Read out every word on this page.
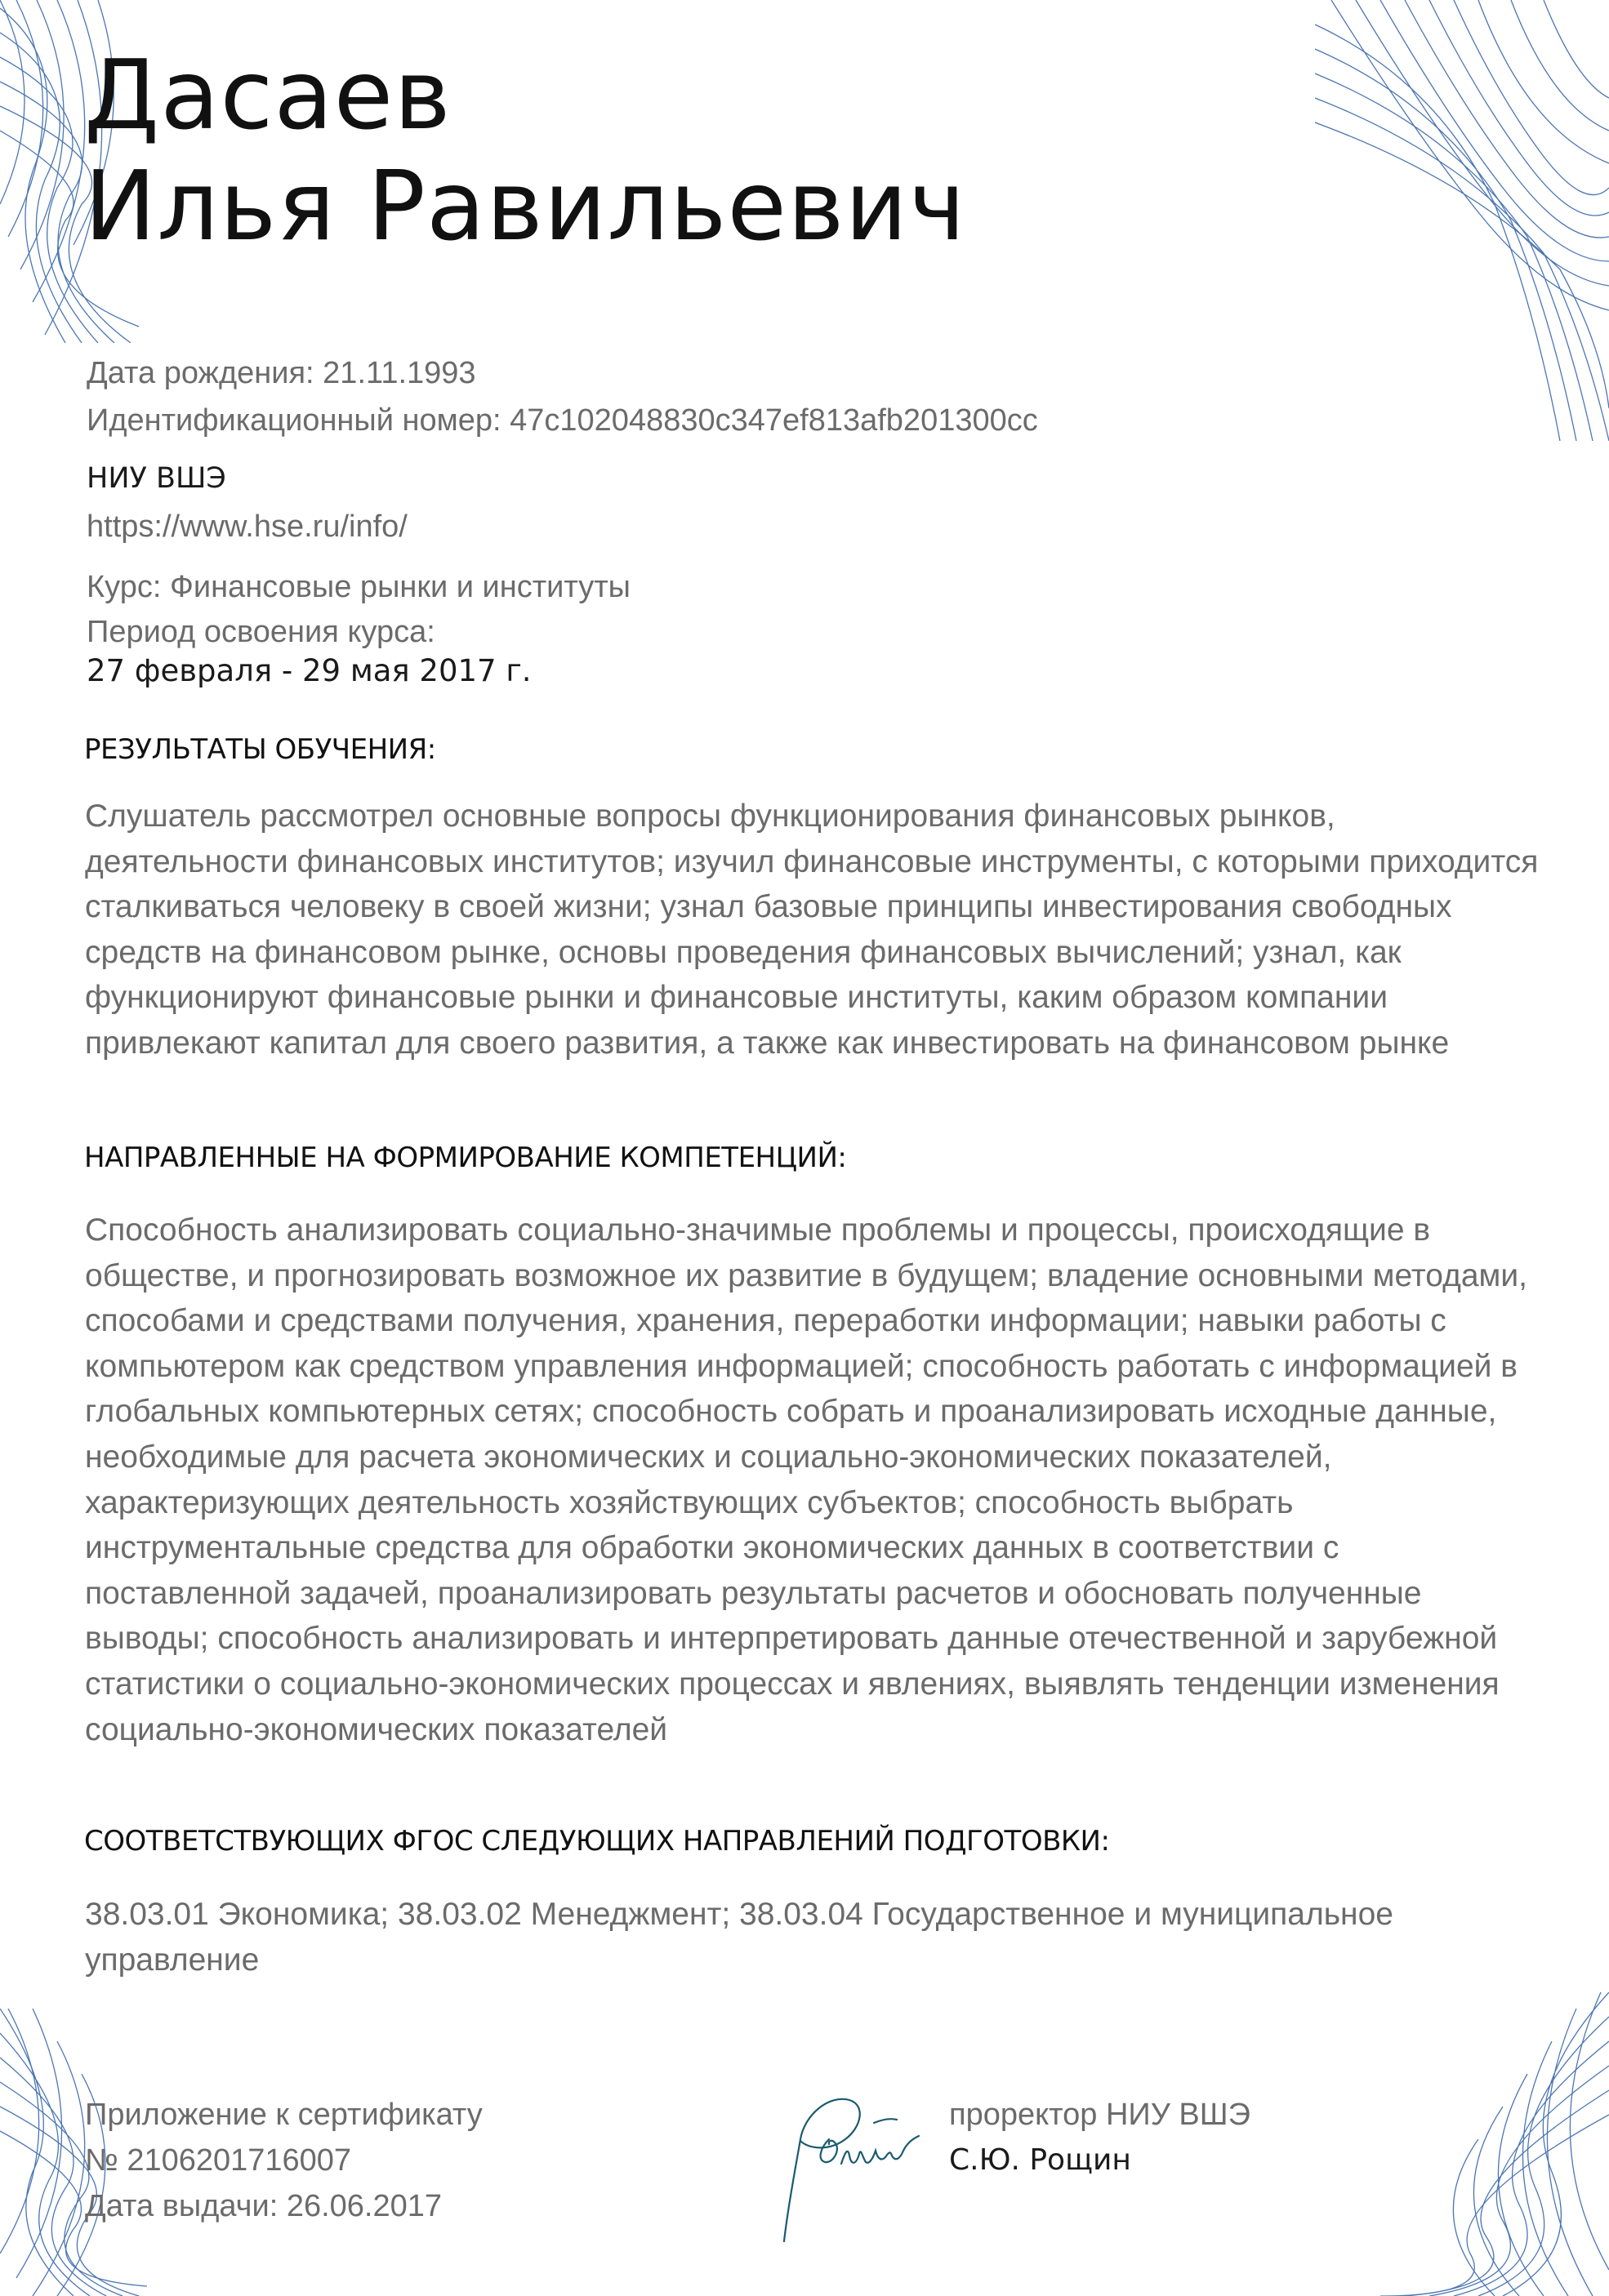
Дасаев
Илья Равильевич
Дата рождения: 21.11.1993
Идентификационный номер: 47c102048830c347ef813afb201300cc
НИУ ВШЭ
https://www.hse.ru/info/
Курс: Финансовые рынки и институты
Период освоения курса:
27 февраля - 29 мая 2017 г.
РЕЗУЛЬТАТЫ ОБУЧЕНИЯ:
Слушатель рассмотрел основные вопросы функционирования финансовых рынков, деятельности финансовых институтов; изучил финансовые инструменты, с которыми приходится сталкиваться человеку в своей жизни; узнал базовые принципы инвестирования свободных средств на финансовом рынке, основы проведения финансовых вычислений; узнал, как функционируют финансовые рынки и финансовые институты, каким образом компании привлекают капитал для своего развития, а также как инвестировать на финансовом рынке
НАПРАВЛЕННЫЕ НА ФОРМИРОВАНИЕ КОМПЕТЕНЦИЙ:
Способность анализировать социально-значимые проблемы и процессы, происходящие в обществе, и прогнозировать возможное их развитие в будущем; владение основными методами, способами и средствами получения, хранения, переработки информации; навыки работы с компьютером как средством управления информацией; способность работать с информацией в глобальных компьютерных сетях; способность собрать и проанализировать исходные данные, необходимые для расчета экономических и социально-экономических показателей, характеризующих деятельность хозяйствующих субъектов; способность выбрать инструментальные средства для обработки экономических данных в соответствии с поставленной задачей, проанализировать результаты расчетов и обосновать полученные выводы; способность анализировать и интерпретировать данные отечественной и зарубежной статистики о социально-экономических процессах и явлениях, выявлять тенденции изменения социально-экономических показателей
СООТВЕТСТВУЮЩИХ ФГОС СЛЕДУЮЩИХ НАПРАВЛЕНИЙ ПОДГОТОВКИ:
38.03.01 Экономика; 38.03.02 Менеджмент; 38.03.04 Государственное и муниципальное управление
Приложение к сертификату
№ 2106201716007
Дата выдачи: 26.06.2017
проректор НИУ ВШЭ
С.Ю. Рощин
